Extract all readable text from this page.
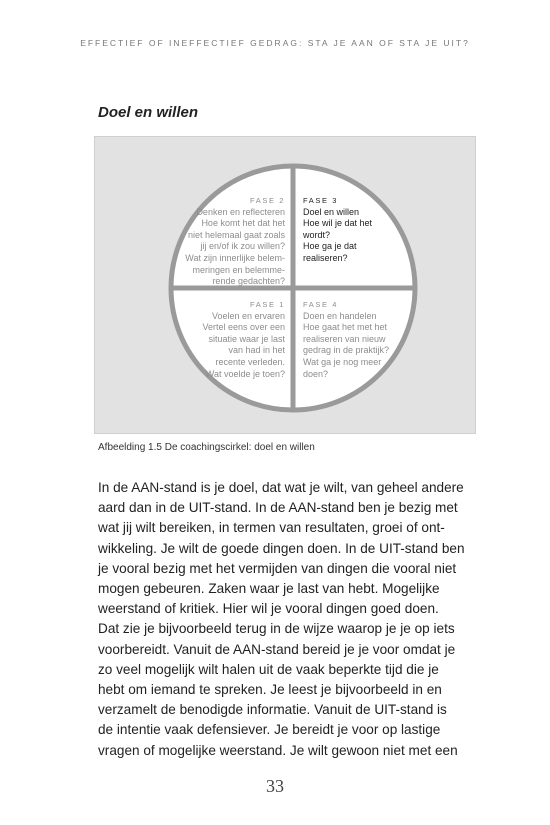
EFFECTIEF OF INEFFECTIEF GEDRAG: STA JE AAN OF STA JE UIT?
Doel en willen
FASE 2
Denken en reflecteren
Hoe komt het dat het
niet helemaal gaat zoals
jij en/of ik zou willen?
Wat zijn innerlijke belem-
meringen en belemme-
rende gedachten?
FASE 3
Doel en willen
Hoe wil je dat het
wordt?
Hoe ga je dat
realiseren?
FASE 1
Voelen en ervaren
Vertel eens over een
situatie waar je last
van had in het
recente verleden.
Wat voelde je toen?
FASE 4
Doen en handelen
Hoe gaat het met het
realiseren van nieuw
gedrag in de praktijk?
Wat ga je nog meer
doen?
Afbeelding 1.5 De coachingscirkel: doel en willen
In de AAN-stand is je doel, dat wat je wilt, van geheel andere
aard dan in de UIT-stand. In de AAN-stand ben je bezig met
wat jij wilt bereiken, in termen van resultaten, groei of ont-
wikkeling. Je wilt de goede dingen doen. In de UIT-stand ben
je vooral bezig met het vermijden van dingen die vooral niet
mogen gebeuren. Zaken waar je last van hebt. Mogelijke
weerstand of kritiek. Hier wil je vooral dingen goed doen.
Dat zie je bijvoorbeeld terug in de wijze waarop je je op iets
voorbereidt. Vanuit de AAN-stand bereid je je voor omdat je
zo veel mogelijk wilt halen uit de vaak beperkte tijd die je
hebt om iemand te spreken. Je leest je bijvoorbeeld in en
verzamelt de benodigde informatie. Vanuit de UIT-stand is
de intentie vaak defensiever. Je bereidt je voor op lastige
vragen of mogelijke weerstand. Je wilt gewoon niet met een
33
